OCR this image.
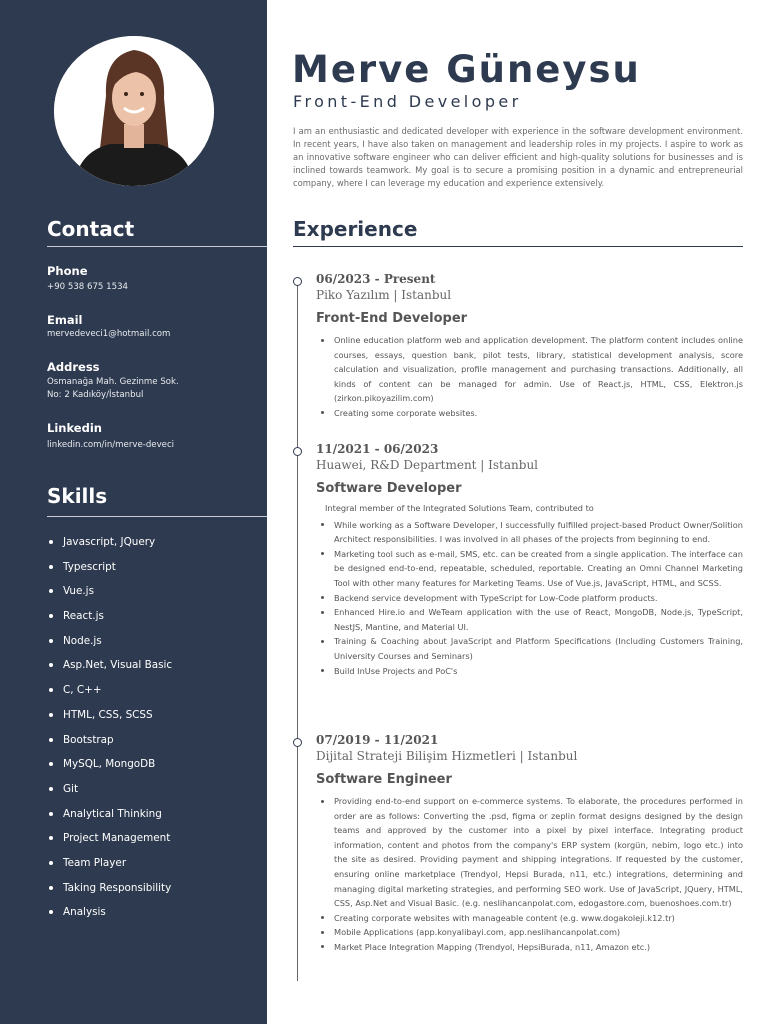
Contact
Phone
+90 538 675 1534
Email
mervedeveci1@hotmail.com
Address
Osmanağa Mah. Gezinme Sok.
No: 2 Kadıköy/İstanbul
Linkedin
linkedin.com/in/merve-deveci
Skills
Javascript, JQuery
Typescript
Vue.js
React.js
Node.js
Asp.Net, Visual Basic
C, C++
HTML, CSS, SCSS
Bootstrap
MySQL, MongoDB
Git
Analytical Thinking
Project Management
Team Player
Taking Responsibility
Analysis
Merve Güneysu
Front-End Developer

I am an enthusiastic and dedicated developer with experience in the software development environment. In recent years, I have also taken on management and leadership roles in my projects. I aspire to work as an innovative software engineer who can deliver efficient and high-quality solutions for businesses and is inclined towards teamwork. My goal is to secure a promising position in a dynamic and entrepreneurial company, where I can leverage my education and experience extensively.

Experience
06/2023 - Present
Piko Yazılım | Istanbul
Front-End Developer
Online education platform web and application development. The platform content includes online courses, essays, question bank, pilot tests, library, statistical development analysis, score calculation and visualization, profile management and purchasing transactions. Additionally, all kinds of content can be managed for admin. Use of React.js, HTML, CSS, Elektron.js (zirkon.pikoyazilim.com)
Creating some corporate websites.
11/2021 - 06/2023
Huawei, R&D Department | Istanbul
Software Developer
Integral member of the Integrated Solutions Team, contributed to
While working as a Software Developer, I successfully fulfilled project-based Product Owner/Solition Architect responsibilities. I was involved in all phases of the projects from beginning to end.
Marketing tool such as e-mail, SMS, etc. can be created from a single application. The interface can be designed end-to-end, repeatable, scheduled, reportable. Creating an Omni Channel Marketing Tool with other many features for Marketing Teams. Use of Vue.js, JavaScript, HTML, and SCSS.
Backend service development with TypeScript for Low-Code platform products.
Enhanced Hire.io and WeTeam application with the use of React, MongoDB, Node.js, TypeScript, NestJS, Mantine, and Material UI.
Training & Coaching about JavaScript and Platform Specifications (Including Customers Training, University Courses and Seminars)
Build InUse Projects and PoC's
07/2019 - 11/2021
Dijital Strateji Bilişim Hizmetleri | Istanbul
Software Engineer
Providing end-to-end support on e-commerce systems. To elaborate, the procedures performed in order are as follows: Converting the .psd, figma or zeplin format designs designed by the design teams and approved by the customer into a pixel by pixel interface. Integrating product information, content and photos from the company's ERP system (korgün, nebim, logo etc.) into the site as desired. Providing payment and shipping integrations. If requested by the customer, ensuring online marketplace (Trendyol, Hepsi Burada, n11, etc.) integrations, determining and managing digital marketing strategies, and performing SEO work. Use of JavaScript, JQuery, HTML, CSS, Asp.Net and Visual Basic. (e.g. neslihancanpolat.com, edogastore.com, buenoshoes.com.tr)
Creating corporate websites with manageable content (e.g. www.dogakoleji.k12.tr)
Mobile Applications (app.konyalibayi.com, app.neslihancanpolat.com)
Market Place Integration Mapping (Trendyol, HepsiBurada, n11, Amazon etc.)
